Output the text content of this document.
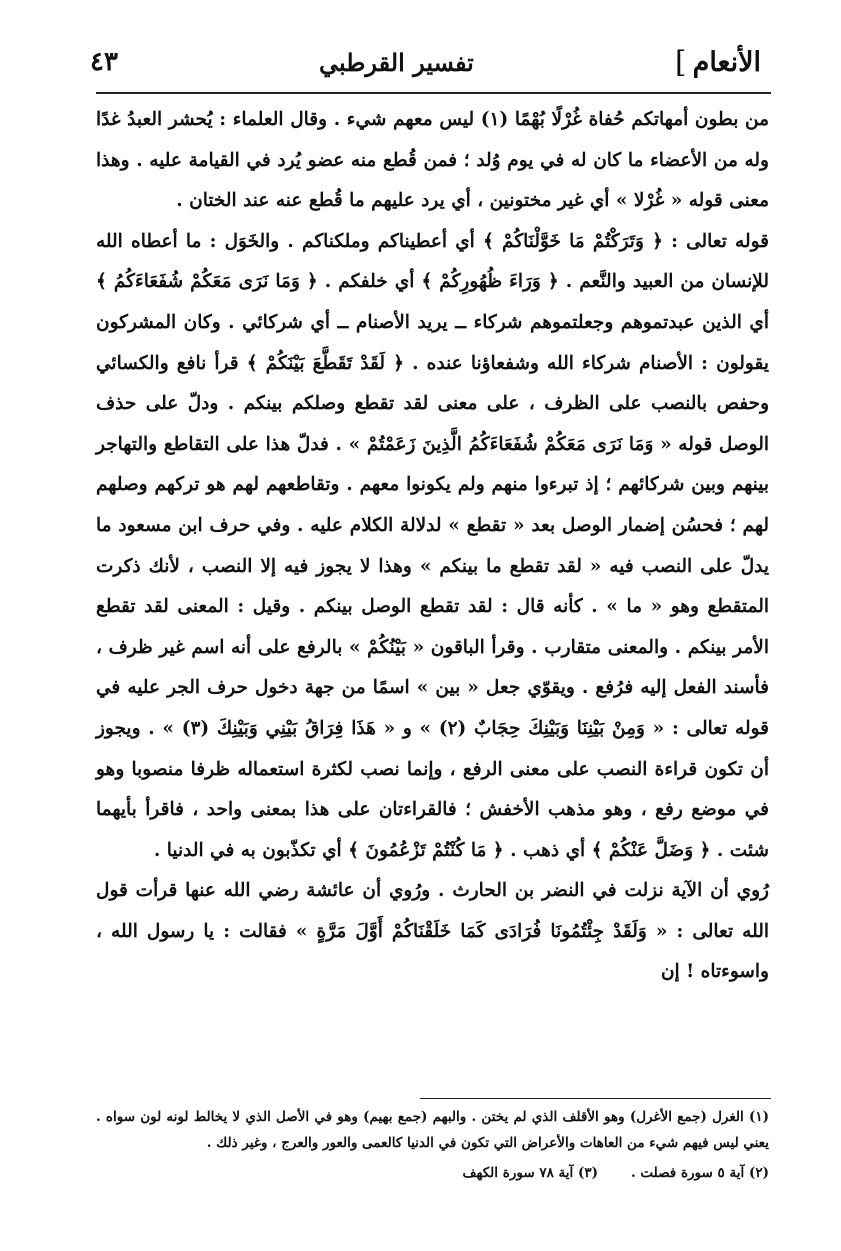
الأنعام
]
تفسير القرطبي
٤٣

من بطون أمهاتكم حُفاة غُرْلًا بُهْمًا (١) ليس معهم شيء . وقال العلماء : يُحشر العبدُ غدًا وله من الأعضاء ما كان له في يوم وُلد ؛ فمن قُطع منه عضو يُرد في القيامة عليه . وهذا معنى قوله « غُرْلا » أي غير مختونين ، أي يرد عليهم ما قُطع عنه عند الختان .

قوله تعالى : ﴿ وَتَرَكْتُمْ مَا خَوَّلْنَاكُمْ ﴾ أي أعطيناكم وملكناكم . والخَوَل : ما أعطاه الله للإنسان من العبيد والنَّعم . ﴿ وَرَاءَ ظُهُورِكُمْ ﴾ أي خلفكم . ﴿ وَمَا نَرَى مَعَكُمْ شُفَعَاءَكُمُ ﴾ أي الذين عبدتموهم وجعلتموهم شركاء ــ يريد الأصنام ــ أي شركائي . وكان المشركون يقولون : الأصنام شركاء الله وشفعاؤنا عنده . ﴿ لَقَدْ تَقَطَّعَ بَيْنَكُمْ ﴾ قرأ نافع والكسائي وحفص بالنصب على الظرف ، على معنى لقد تقطع وصلكم بينكم . ودلّ على حذف الوصل قوله « وَمَا نَرَى مَعَكُمْ شُفَعَاءَكُمُ الَّذِينَ زَعَمْتُمْ » . فدلّ هذا على التقاطع والتهاجر بينهم وبين شركائهم ؛ إذ تبرءوا منهم ولم يكونوا معهم . وتقاطعهم لهم هو تركهم وصلهم لهم ؛ فحسُن إضمار الوصل بعد « تقطع » لدلالة الكلام عليه . وفي حرف ابن مسعود ما يدلّ على النصب فيه « لقد تقطع ما بينكم » وهذا لا يجوز فيه إلا النصب ، لأنك ذكرت المتقطع وهو « ما » . كأنه قال : لقد تقطع الوصل بينكم . وقيل : المعنى لقد تقطع الأمر بينكم . والمعنى متقارب . وقرأ الباقون « بَيْنُكُمْ » بالرفع على أنه اسم غير ظرف ، فأسند الفعل إليه فرُفع . ويقوّي جعل « بين » اسمًا من جهة دخول حرف الجر عليه في قوله تعالى : « وَمِنْ بَيْنِنَا وَبَيْنِكَ حِجَابٌ (٢) » و « هَذَا فِرَاقُ بَيْنِي وَبَيْنِكَ (٣) » . ويجوز أن تكون قراءة النصب على معنى الرفع ، وإنما نصب لكثرة استعماله ظرفا منصوبا وهو في موضع رفع ، وهو مذهب الأخفش ؛ فالقراءتان على هذا بمعنى واحد ، فاقرأ بأيهما شئت . ﴿ وَضَلَّ عَنْكُمْ ﴾ أي ذهب . ﴿ مَا كُنْتُمْ تَزْعُمُونَ ﴾ أي تكذّبون به في الدنيا .

رُوي أن الآية نزلت في النضر بن الحارث . ورُوي أن عائشة رضي الله عنها قرأت قول الله تعالى : « وَلَقَدْ جِئْتُمُونَا فُرَادَى كَمَا خَلَقْنَاكُمْ أَوَّلَ مَرَّةٍ » فقالت : يا رسول الله ، واسوءتاه ! إن

(١) الغرل (جمع الأغرل) وهو الأقلف الذي لم يختن . والبهم (جمع بهيم) وهو في الأصل الذي لا يخالط لونه لون سواه . يعني ليس فيهم شيء من العاهات والأعراض التي تكون في الدنيا كالعمى والعور والعرج ، وغير ذلك .

(٢) آية ٥ سورة فصلت .       (٣) آية ٧٨ سورة الكهف
